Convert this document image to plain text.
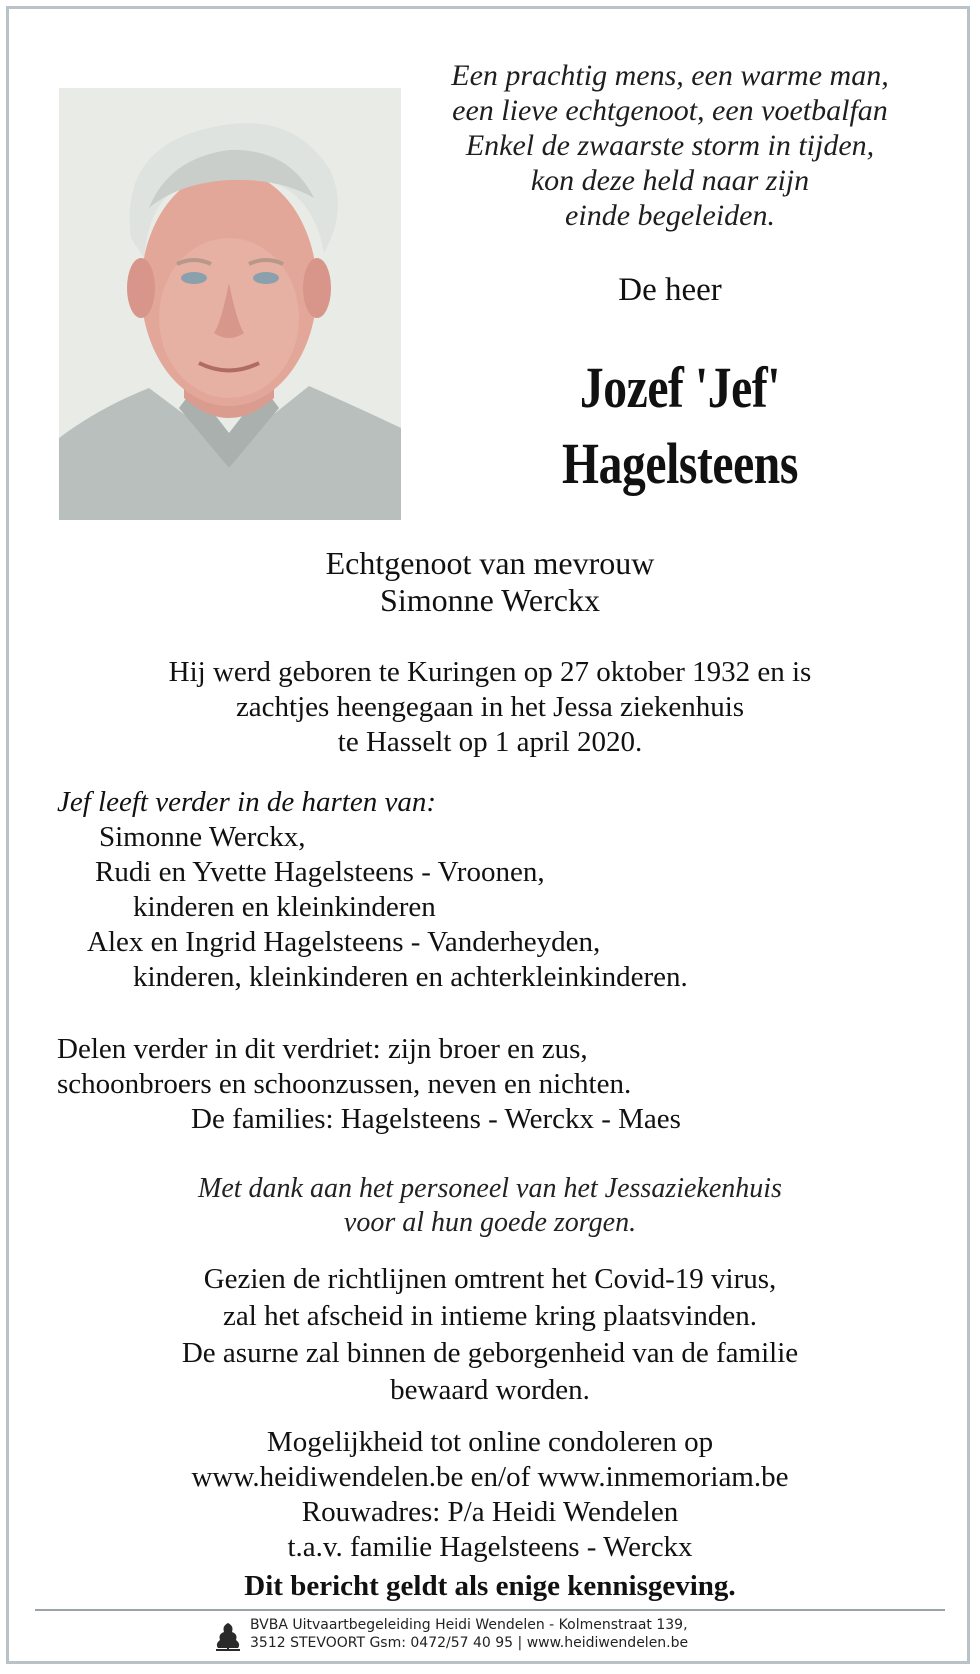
Een prachtig mens, een warme man,
een lieve echtgenoot, een voetbalfan
Enkel de zwaarste storm in tijden,
kon deze held naar zijn
einde begeleiden.
De heer
Jozef 'Jef'
Hagelsteens
Echtgenoot van mevrouw
Simonne Werckx
Hij werd geboren te Kuringen op 27 oktober 1932 en is
zachtjes heengegaan in het Jessa ziekenhuis
te Hasselt op 1 april 2020.
Jef leeft verder in de harten van:
Simonne Werckx,
Rudi en Yvette Hagelsteens - Vroonen,
kinderen en kleinkinderen
Alex en Ingrid Hagelsteens - Vanderheyden,
kinderen, kleinkinderen en achterkleinkinderen.
Delen verder in dit verdriet: zijn broer en zus,
schoonbroers en schoonzussen, neven en nichten.
De families: Hagelsteens - Werckx - Maes
Met dank aan het personeel van het Jessaziekenhuis
voor al hun goede zorgen.
Gezien de richtlijnen omtrent het Covid-19 virus,
zal het afscheid in intieme kring plaatsvinden.
De asurne zal binnen de geborgenheid van de familie
bewaard worden.
Mogelijkheid tot online condoleren op
www.heidiwendelen.be en/of www.inmemoriam.be
Rouwadres: P/a Heidi Wendelen
t.a.v. familie Hagelsteens - Werckx
Dit bericht geldt als enige kennisgeving.
BVBA Uitvaartbegeleiding Heidi Wendelen - Kolmenstraat 139,
3512 STEVOORT Gsm: 0472/57 40 95 | www.heidiwendelen.be
